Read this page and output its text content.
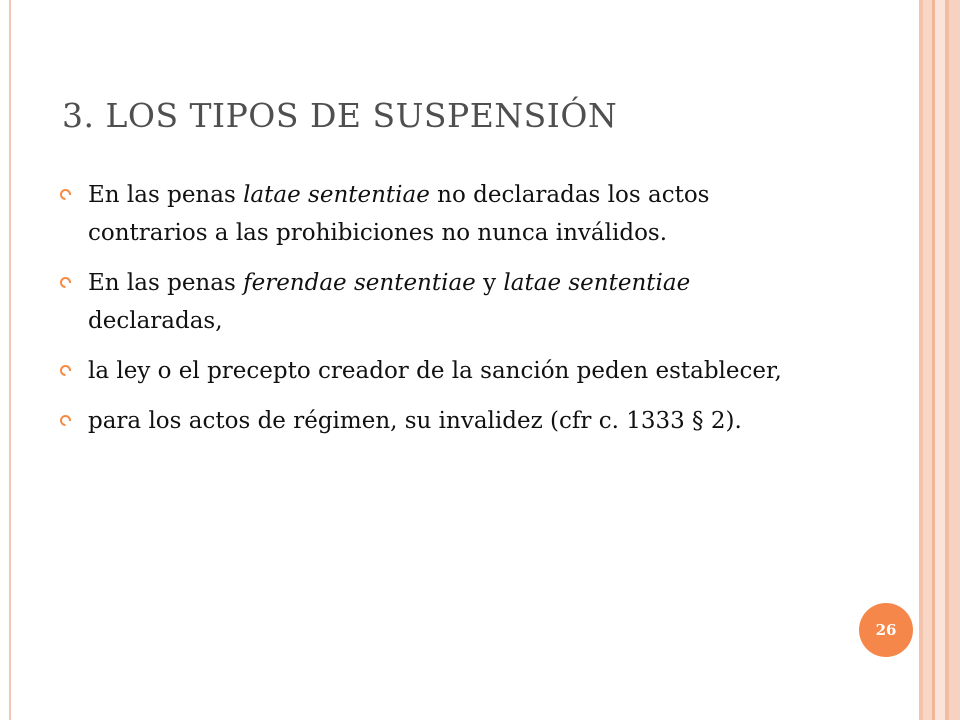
3. LOS TIPOS DE SUSPENSIÓN
En las penas latae sententiae no declaradas los actos contrarios a las prohibiciones no nunca inválidos.
En las penas ferendae sententiae y latae sententiae declaradas,
la ley o el precepto creador de la sanción peden establecer,
para los actos de régimen, su invalidez (cfr c. 1333 § 2).
26
